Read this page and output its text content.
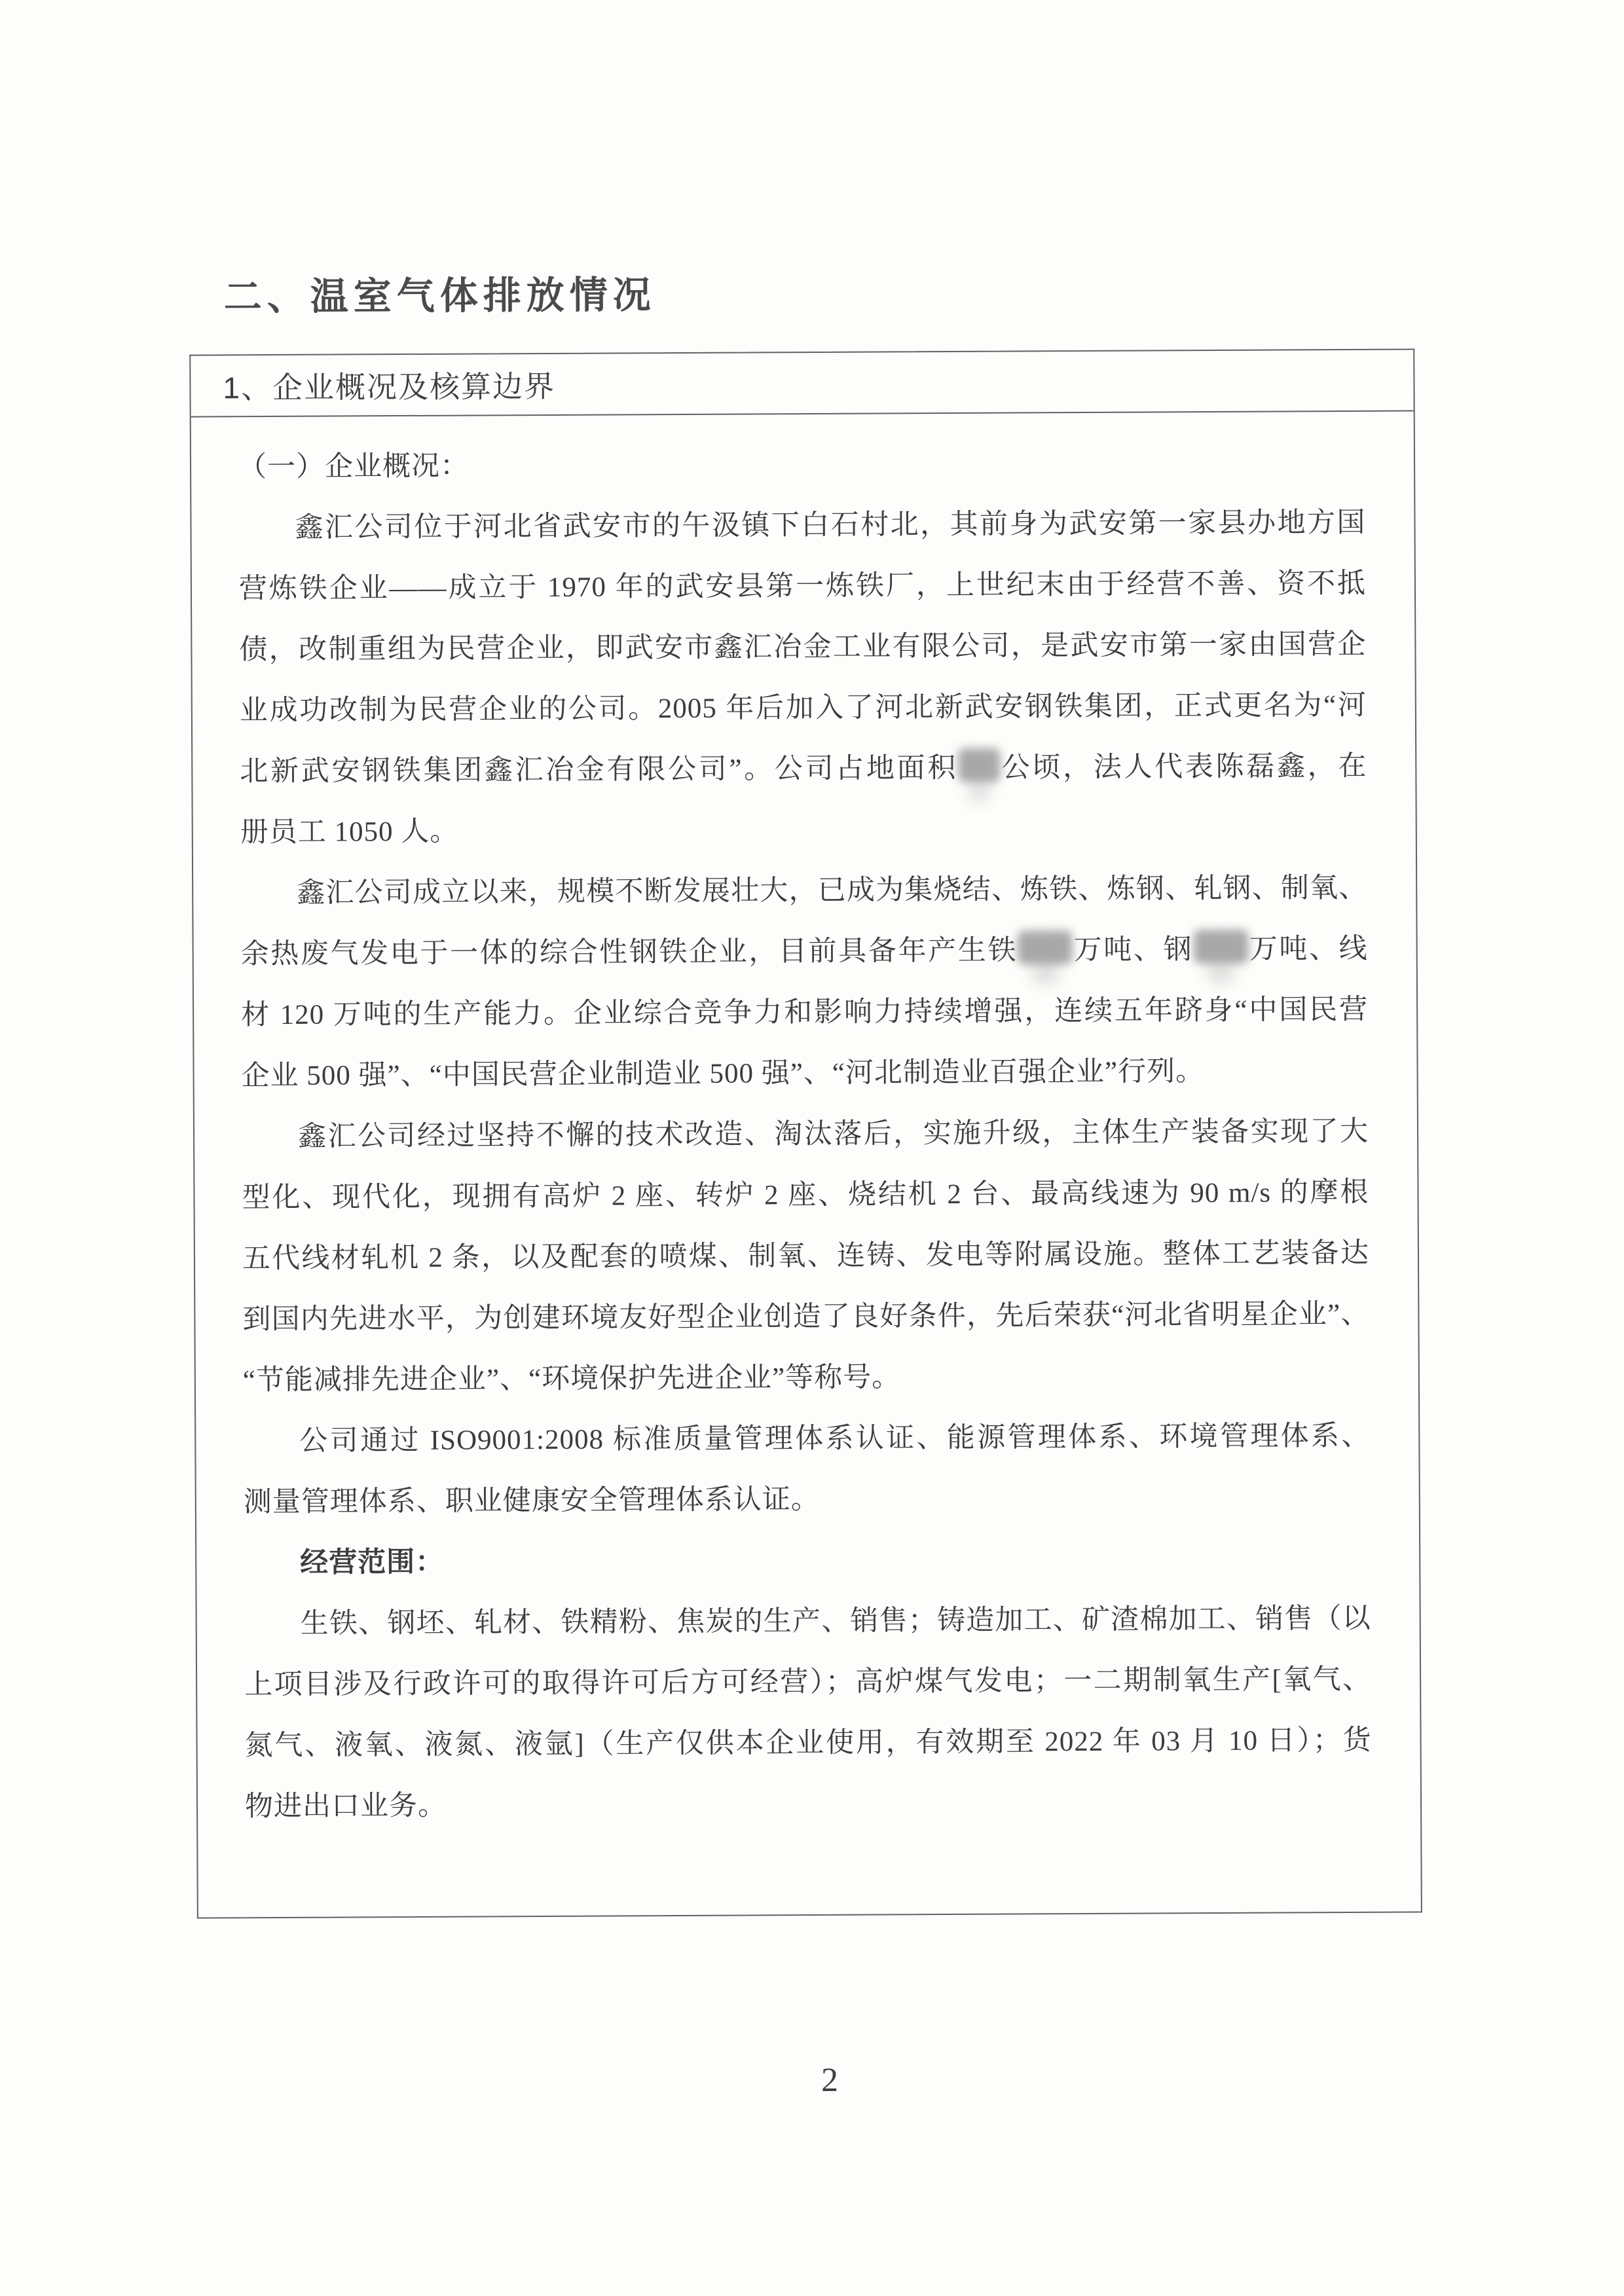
二、温室气体排放情况
1、企业概况及核算边界
（一）企业概况：
鑫汇公司位于河北省武安市的午汲镇下白石村北，其前身为武安第一家县办地方国
营炼铁企业——成立于 1970 年的武安县第一炼铁厂，上世纪末由于经营不善、资不抵
债，改制重组为民营企业，即武安市鑫汇冶金工业有限公司，是武安市第一家由国营企
业成功改制为民营企业的公司。2005 年后加入了河北新武安钢铁集团，正式更名为“河
北新武安钢铁集团鑫汇冶金有限公司”。公司占地面积 公顷，法人代表陈磊鑫，在
册员工 1050 人。
鑫汇公司成立以来，规模不断发展壮大，已成为集烧结、炼铁、炼钢、轧钢、制氧、
余热废气发电于一体的综合性钢铁企业，目前具备年产生铁 万吨、钢 万吨、线
材 120 万吨的生产能力。企业综合竞争力和影响力持续增强，连续五年跻身“中国民营
企业 500 强”、“中国民营企业制造业 500 强”、“河北制造业百强企业”行列。
鑫汇公司经过坚持不懈的技术改造、淘汰落后，实施升级，主体生产装备实现了大
型化、现代化，现拥有高炉 2 座、转炉 2 座、烧结机 2 台、最高线速为 90 m/s 的摩根
五代线材轧机 2 条，以及配套的喷煤、制氧、连铸、发电等附属设施。整体工艺装备达
到国内先进水平，为创建环境友好型企业创造了良好条件，先后荣获“河北省明星企业”、
“节能减排先进企业”、“环境保护先进企业”等称号。
公司通过 ISO9001:2008 标准质量管理体系认证、能源管理体系、环境管理体系、
测量管理体系、职业健康安全管理体系认证。
经营范围：
生铁、钢坯、轧材、铁精粉、焦炭的生产、销售；铸造加工、矿渣棉加工、销售（以
上项目涉及行政许可的取得许可后方可经营）；高炉煤气发电；一二期制氧生产[氧气、
氮气、液氧、液氮、液氩]（生产仅供本企业使用，有效期至 2022 年 03 月 10 日）；货
物进出口业务。
2
